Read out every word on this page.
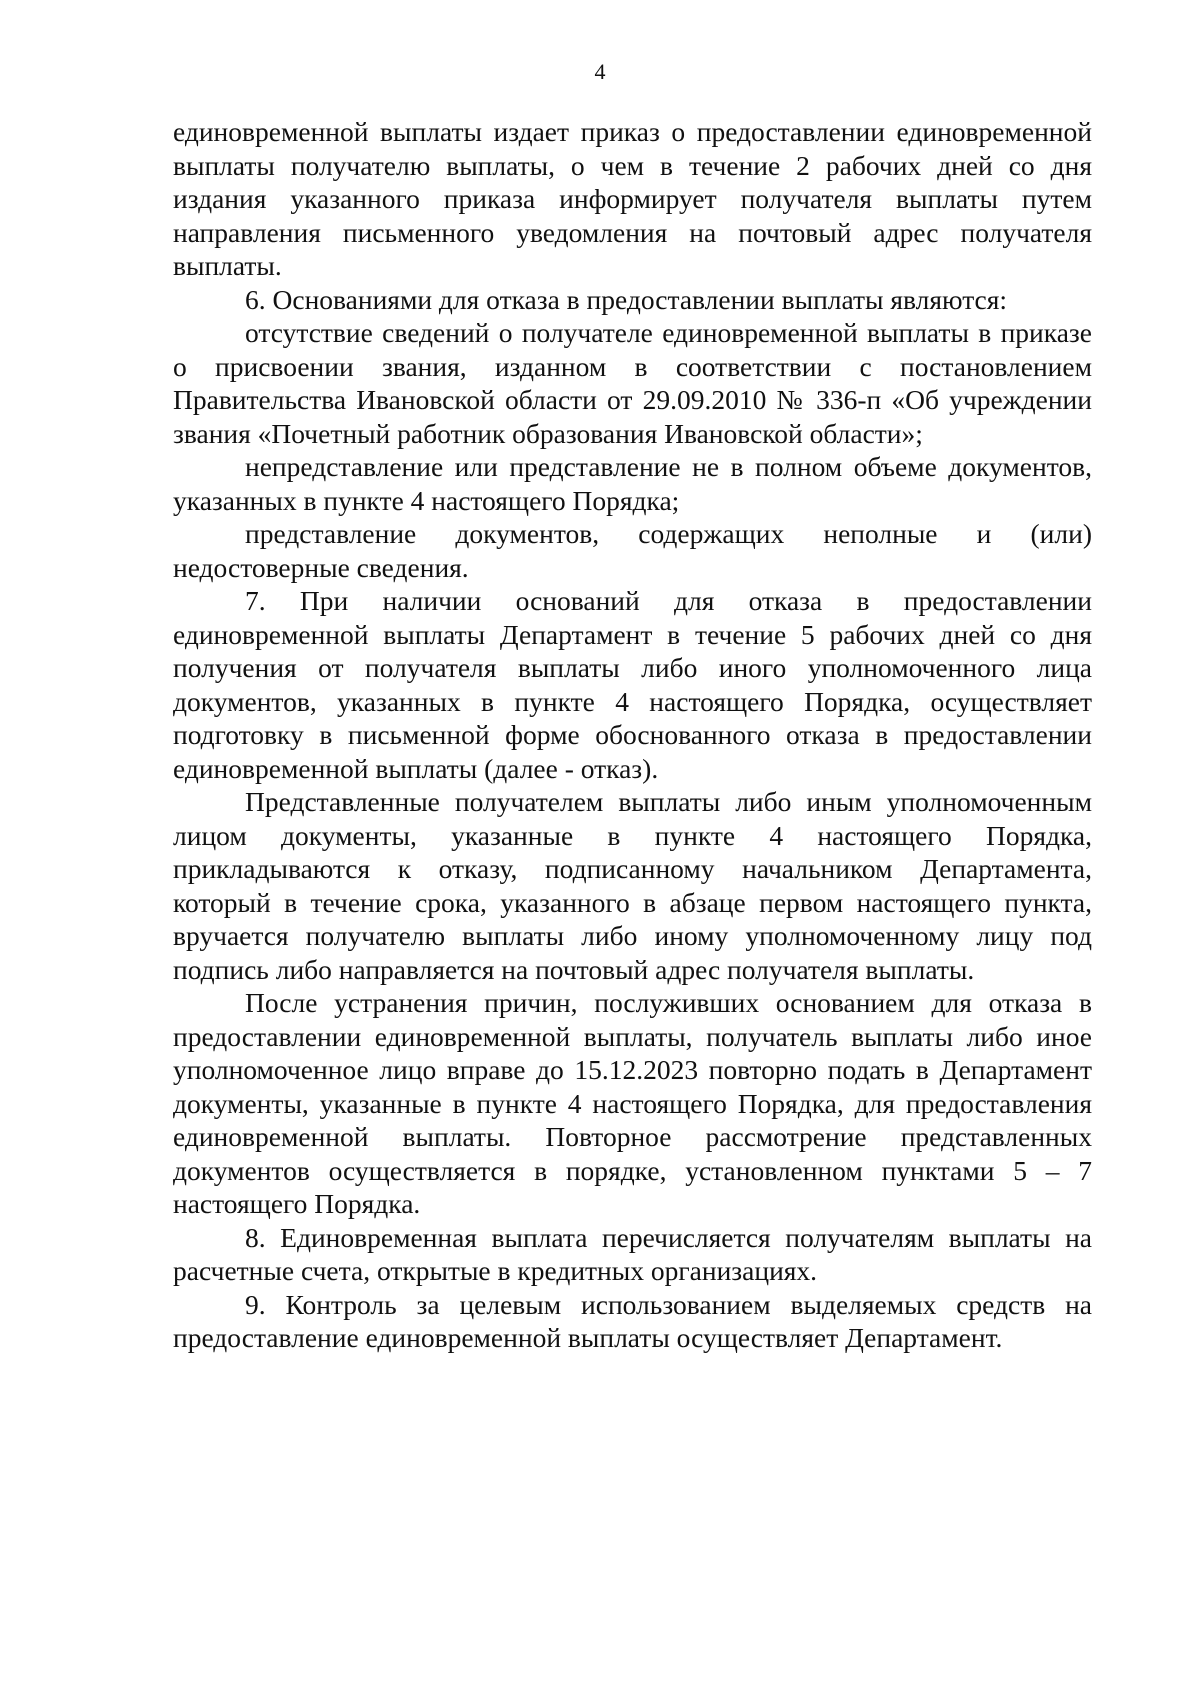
4

единовременной выплаты издает приказ о предоставлении единовременной выплаты получателю выплаты, о чем в течение 2 рабочих дней со дня издания указанного приказа информирует получателя выплаты путем направления письменного уведомления на почтовый адрес получателя выплаты.

6. Основаниями для отказа в предоставлении выплаты являются:

отсутствие сведений о получателе единовременной выплаты в приказе о присвоении звания, изданном в соответствии с постановлением Правительства Ивановской области от 29.09.2010 № 336-п «Об учреждении звания «Почетный работник образования Ивановской области»;

непредставление или представление не в полном объеме документов, указанных в пункте 4 настоящего Порядка;

представление документов, содержащих неполные и (или) недостоверные сведения.

7. При наличии оснований для отказа в предоставлении единовременной выплаты Департамент в течение 5 рабочих дней со дня получения от получателя выплаты либо иного уполномоченного лица документов, указанных в пункте 4 настоящего Порядка, осуществляет подготовку в письменной форме обоснованного отказа в предоставлении единовременной выплаты (далее - отказ).

Представленные получателем выплаты либо иным уполномоченным лицом документы, указанные в пункте 4 настоящего Порядка, прикладываются к отказу, подписанному начальником Департамента, который в течение срока, указанного в абзаце первом настоящего пункта, вручается получателю выплаты либо иному уполномоченному лицу под подпись либо направляется на почтовый адрес получателя выплаты.

После устранения причин, послуживших основанием для отказа в предоставлении единовременной выплаты, получатель выплаты либо иное уполномоченное лицо вправе до 15.12.2023 повторно подать в Департамент документы, указанные в пункте 4 настоящего Порядка, для предоставления единовременной выплаты. Повторное рассмотрение представленных документов осуществляется в порядке, установленном пунктами 5 – 7 настоящего Порядка.

8. Единовременная выплата перечисляется получателям выплаты на расчетные счета, открытые в кредитных организациях.

9. Контроль за целевым использованием выделяемых средств на предоставление единовременной выплаты осуществляет Департамент.
